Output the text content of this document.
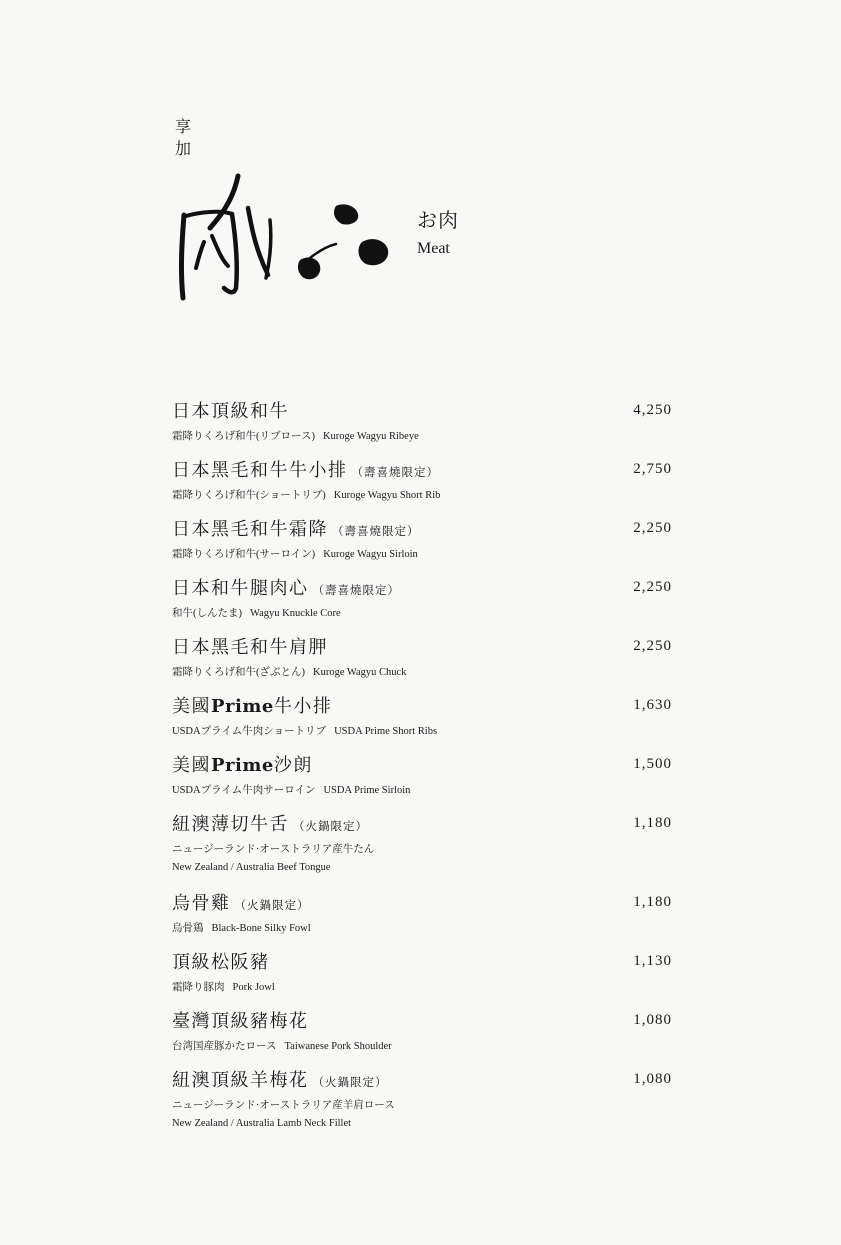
享
加
お肉
Meat
日本頂級和牛
霜降りくろげ和牛(リブロース) Kuroge Wagyu Ribeye
4,250
日本黑毛和牛牛小排 （壽喜燒限定）
霜降りくろげ和牛(ショートリブ) Kuroge Wagyu Short Rib
2,750
日本黑毛和牛霜降 （壽喜燒限定）
霜降りくろげ和牛(サーロイン) Kuroge Wagyu Sirloin
2,250
日本和牛腿肉心 （壽喜燒限定）
和牛(しんたま) Wagyu Knuckle Core
2,250
日本黑毛和牛肩胛
霜降りくろげ和牛(ざぶとん) Kuroge Wagyu Chuck
2,250
美國Prime牛小排
USDAプライム牛肉ショートリブ USDA Prime Short Ribs
1,630
美國Prime沙朗
USDAプライム牛肉サーロイン USDA Prime Sirloin
1,500
紐澳薄切牛舌 （火鍋限定）
ニュージーランド·オーストラリア産牛たん
New Zealand / Australia Beef Tongue
1,180
烏骨雞 （火鍋限定）
烏骨鶏 Black-Bone Silky Fowl
1,180
頂級松阪豬
霜降り豚肉 Pork Jowl
1,130
臺灣頂級豬梅花
台湾国産豚かたロース Taiwanese Pork Shoulder
1,080
紐澳頂級羊梅花 （火鍋限定）
ニュージーランド·オーストラリア産羊肩ロース
New Zealand / Australia Lamb Neck Fillet
1,080
